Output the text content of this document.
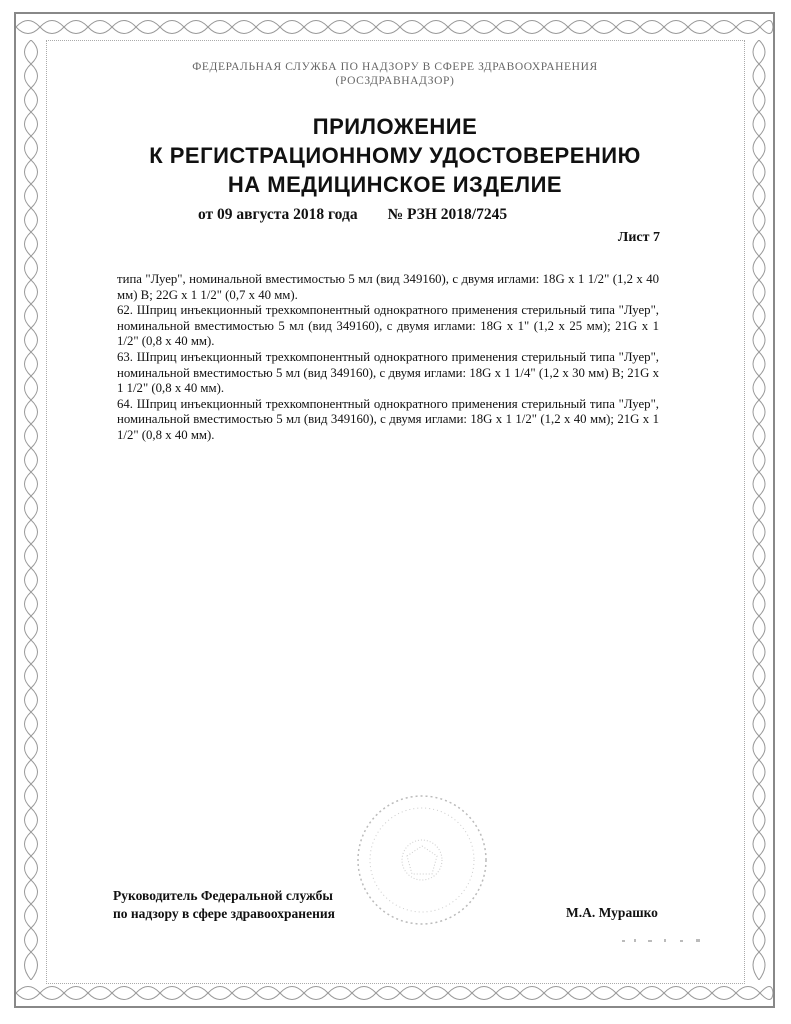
ФЕДЕРАЛЬНАЯ СЛУЖБА ПО НАДЗОРУ В СФЕРЕ ЗДРАВООХРАНЕНИЯ
(РОСЗДРАВНАДЗОР)
ПРИЛОЖЕНИЕ
К РЕГИСТРАЦИОННОМУ УДОСТОВЕРЕНИЮ
НА МЕДИЦИНСКОЕ ИЗДЕЛИЕ
от 09 августа 2018 года № РЗН 2018/7245
Лист 7

типа "Луер", номинальной вместимостью 5 мл (вид 349160), с двумя иглами: 18G x 1 1/2" (1,2 x 40 мм) B; 22G x 1 1/2" (0,7 x 40 мм).

62. Шприц инъекционный трехкомпонентный однократного применения стерильный типа "Луер", номинальной вместимостью 5 мл (вид 349160), с двумя иглами: 18G x 1" (1,2 x 25 мм); 21G x 1 1/2" (0,8 x 40 мм).

63. Шприц инъекционный трехкомпонентный однократного применения стерильный типа "Луер", номинальной вместимостью 5 мл (вид 349160), с двумя иглами: 18G x 1 1/4" (1,2 x 30 мм) B; 21G x 1 1/2" (0,8 x 40 мм).

64. Шприц инъекционный трехкомпонентный однократного применения стерильный типа "Луер", номинальной вместимостью 5 мл (вид 349160), с двумя иглами: 18G x 1 1/2" (1,2 x 40 мм); 21G x 1 1/2" (0,8 x 40 мм).

Руководитель Федеральной службы
по надзору в сфере здравоохранения	М.А. Мурашко
